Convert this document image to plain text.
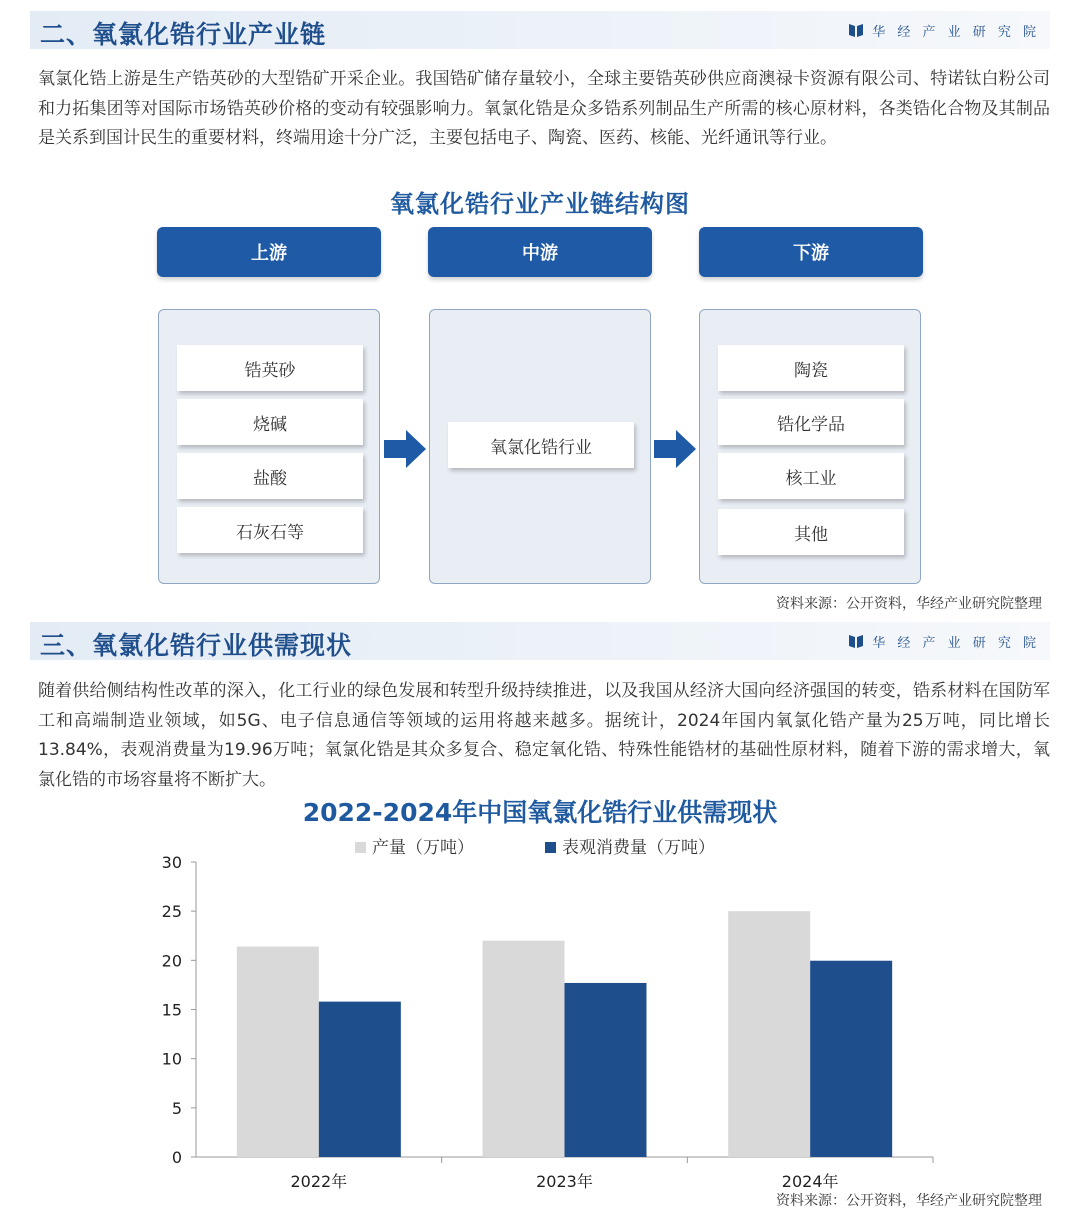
二、氧氯化锆行业产业链	华 经 产 业 研 究 院

氧氯化锆上游是生产锆英砂的大型锆矿开采企业。我国锆矿储存量较小，全球主要锆英砂供应商澳禄卡资源有限公司、特诺钛白粉公司和力拓集团等对国际市场锆英砂价格的变动有较强影响力。氧氯化锆是众多锆系列制品生产所需的核心原材料，各类锆化合物及其制品是关系到国计民生的重要材料，终端用途十分广泛，主要包括电子、陶瓷、医药、核能、光纤通讯等行业。

氧氯化锆行业产业链结构图
上游	中游	下游
锆英砂
烧碱
盐酸
石灰石等
氧氯化锆行业
陶瓷
锆化学品
核工业
其他
资料来源：公开资料，华经产业研究院整理
三、氧氯化锆行业供需现状	华 经 产 业 研 究 院

随着供给侧结构性改革的深入，化工行业的绿色发展和转型升级持续推进，以及我国从经济大国向经济强国的转变，锆系材料在国防军工和高端制造业领域，如5G、电子信息通信等领域的运用将越来越多。据统计，2024年国内氧氯化锆产量为25万吨，同比增长13.84%，表观消费量为19.96万吨；氧氯化锆是其众多复合、稳定氧化锆、特殊性能锆材的基础性原材料，随着下游的需求增大，氧氯化锆的市场容量将不断扩大。

2022-2024年中国氧氯化锆行业供需现状
0
5
10
15
20
25
30
2022年	2023年	2024年
产量（万吨）	表观消费量（万吨）
资料来源：公开资料，华经产业研究院整理
